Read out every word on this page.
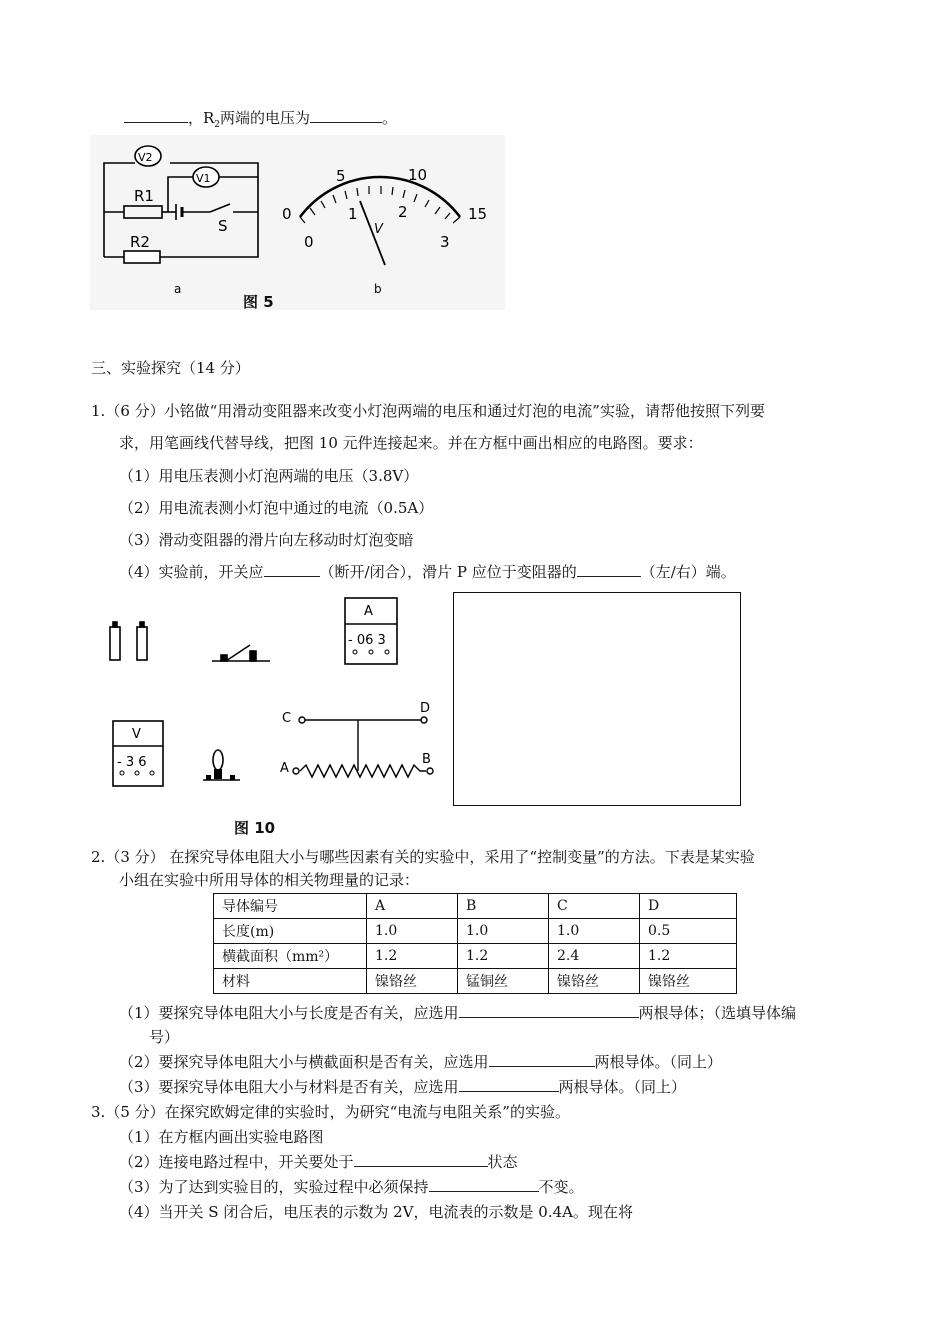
，$R_2$两端的电压为	。
V2
V1
R1
R2
S
a
0
5	10
15
0
1	2
3
V
b
图 5
三、实验探究（14 分）
1.（6 分）小铭做“用滑动变阻器来改变小灯泡两端的电压和通过灯泡的电流”实验，请帮他按照下列要
求，用笔画线代替导线，把图 10 元件连接起来。并在方框中画出相应的电路图。要求：
（1）用电压表测小灯泡两端的电压（3.8V）
（2）用电流表测小灯泡中通过的电流（0.5A）
（3）滑动变阻器的滑片向左移动时灯泡变暗
（4）实验前，开关应	（断开/闭合），滑片 P 应位于变阻器的	（左/右）端。
A
- 06 3
V
- 3 6
C
D
A
B
图 10
2.（3 分） 在探究导体电阻大小与哪些因素有关的实验中，采用了“控制变量”的方法。下表是某实验
小组在实验中所用导体的相关物理量的记录：
导体编号	A	B	C	D
长度(m)	1.0	1.0	1.0	0.5
横截面积（mm²）	1.2	1.2	2.4	1.2
材料	镍铬丝	锰铜丝	镍铬丝	镍铬丝
（1）要探究导体电阻大小与长度是否有关，应选用	两根导体；（选填导体编
号）
（2）要探究导体电阻大小与横截面积是否有关，应选用	两根导体。（同上）
（3）要探究导体电阻大小与材料是否有关，应选用	两根导体。（同上）
3.（5 分）在探究欧姆定律的实验时，为研究“电流与电阻关系”的实验。
（1）在方框内画出实验电路图
（2）连接电路过程中，开关要处于	状态
（3）为了达到实验目的，实验过程中必须保持	不变。
（4）当开关 S 闭合后，电压表的示数为 2V，电流表的示数是 0.4A。现在将
